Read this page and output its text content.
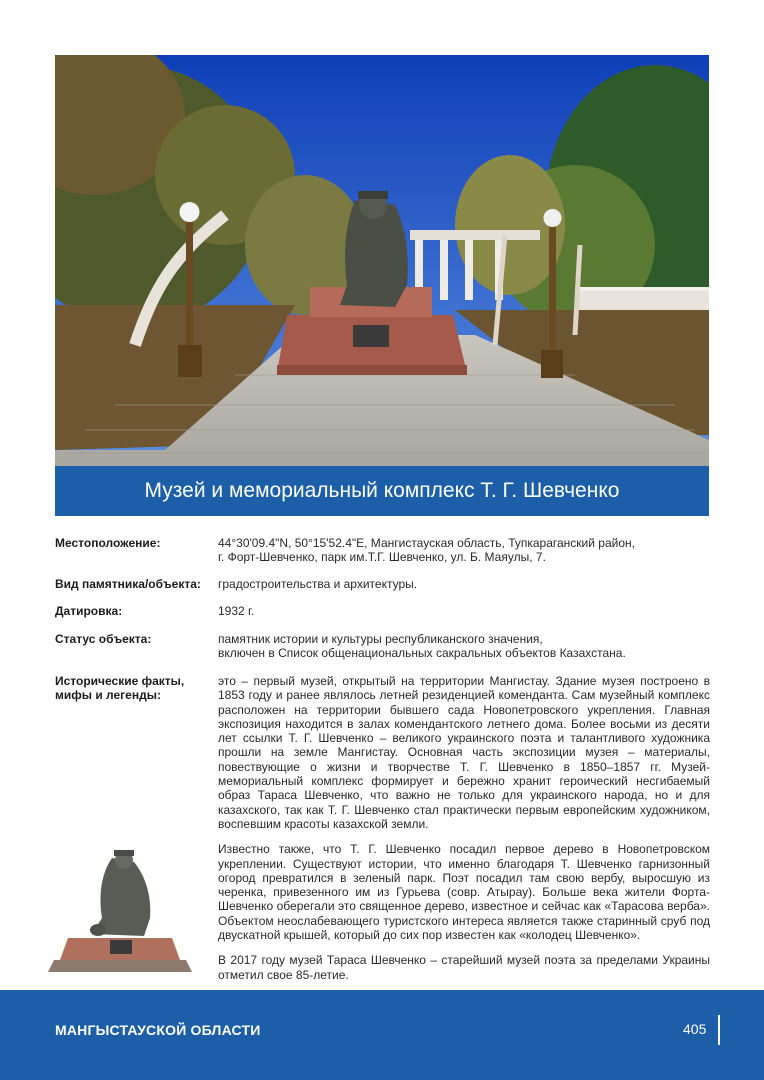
Музей и мемориальный комплекс Т. Г. Шевченко
Местоположение:	44°30'09.4"N, 50°15'52.4"E, Мангистауская область, Тупкараганский район,
г. Форт-Шевченко, парк им.Т.Г. Шевченко, ул. Б. Маяулы, 7.
Вид памятника/объекта: градостроительства и архитектуры.
Датировка:	1932 г.
Статус объекта:	памятник истории и культуры республиканского значения,
включен в Список общенациональных сакральных объектов Казахстана.
Исторические факты,
мифы и легенды:

это – первый музей, открытый на территории Мангистау. Здание музея построено в 1853 году и ранее являлось летней резиденцией коменданта. Сам музейный комплекс расположен на территории бывшего сада Новопетровского укрепления. Главная экспозиция находится в залах комендантского летнего дома. Более восьми из десяти лет ссылки Т. Г. Шевченко – великого украинского поэта и талантливого художника прошли на земле Мангистау. Основная часть экспозиции музея – материалы, повествующие о жизни и творчестве Т. Г. Шевченко в 1850–1857 гг. Музей-мемориальный комплекс формирует и бережно хранит героический несгибаемый образ Тараса Шевченко, что важно не только для украинского народа, но и для казахского, так как Т. Г. Шевченко стал практически первым европейским художником, воспевшим красоты казахской земли.

Известно также, что Т. Г. Шевченко посадил первое дерево в Новопетровском укреплении. Существуют истории, что именно благодаря Т. Шевченко гарнизонный огород превратился в зеленый парк. Поэт посадил там свою вербу, выросшую из черенка, привезенного им из Гурьева (совр. Атырау). Больше века жители Форта-Шевченко оберегали это священное дерево, известное и сейчас как «Тарасова верба». Объектом неослабевающего туристского интереса является также старинный сруб под двускатной крышей, который до сих пор известен как «колодец Шевченко».

В 2017 году музей Тараса Шевченко – старейший музей поэта за пределами Украины отметил свое 85-летие.

МАНГЫСТАУСКОЙ ОБЛАСТИ	405
